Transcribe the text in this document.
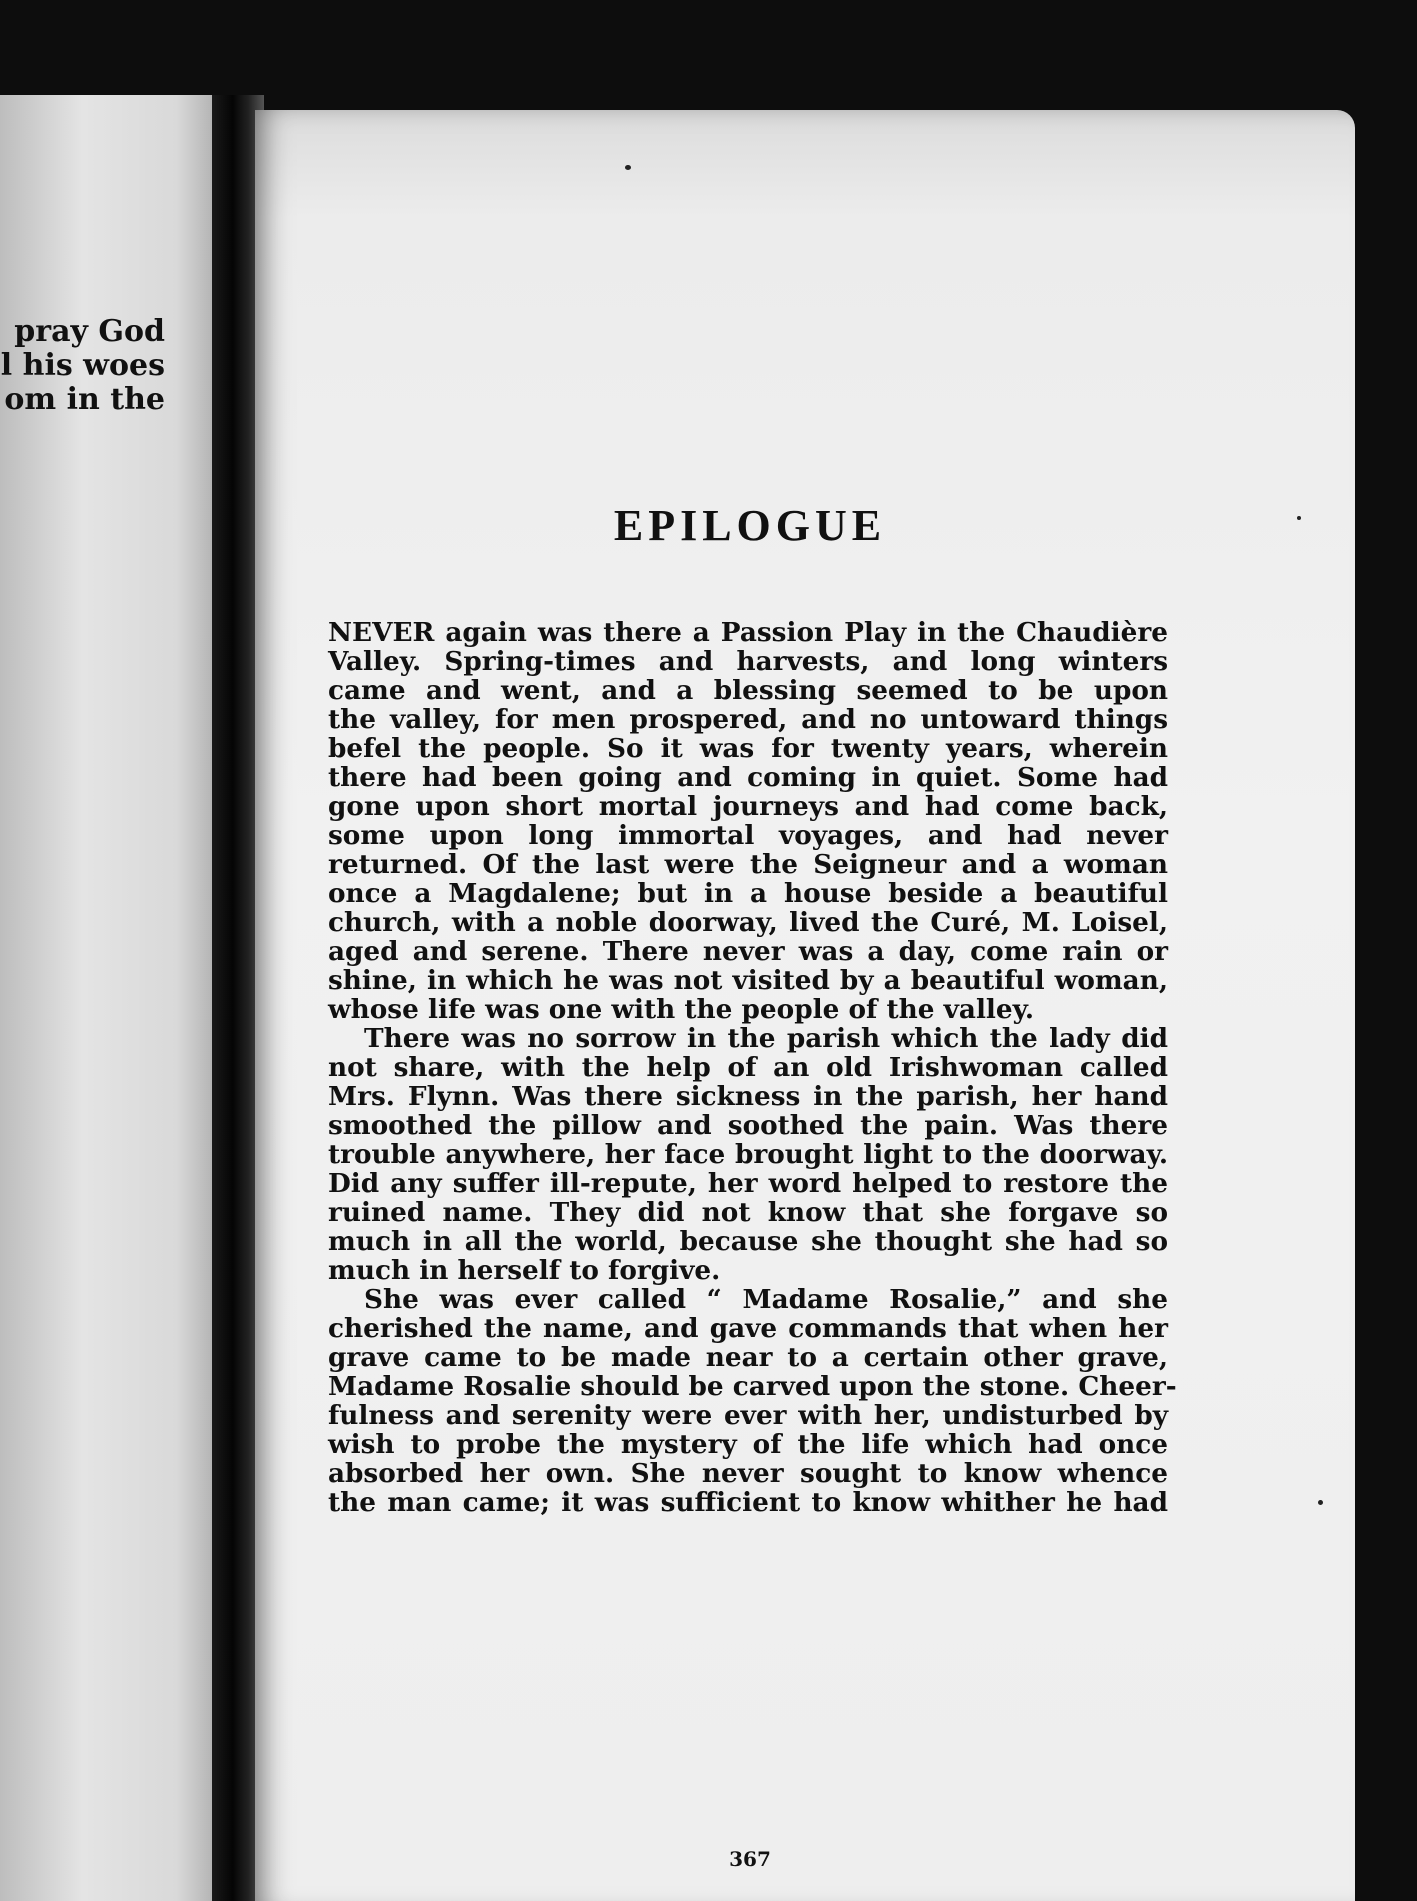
pray God
l his woes
om in the
EPILOGUE
NEVER again was there a Passion Play in the Chaudière
Valley. Spring-times and harvests, and long winters
came and went, and a blessing seemed to be upon
the valley, for men prospered, and no untoward things
befel the people. So it was for twenty years, wherein
there had been going and coming in quiet. Some had
gone upon short mortal journeys and had come back,
some upon long immortal voyages, and had never
returned. Of the last were the Seigneur and a woman
once a Magdalene; but in a house beside a beautiful
church, with a noble doorway, lived the Curé, M. Loisel,
aged and serene. There never was a day, come rain or
shine, in which he was not visited by a beautiful woman,
whose life was one with the people of the valley.
There was no sorrow in the parish which the lady did
not share, with the help of an old Irishwoman called
Mrs. Flynn. Was there sickness in the parish, her hand
smoothed the pillow and soothed the pain. Was there
trouble anywhere, her face brought light to the doorway.
Did any suffer ill-repute, her word helped to restore the
ruined name. They did not know that she forgave so
much in all the world, because she thought she had so
much in herself to forgive.
She was ever called “ Madame Rosalie,” and she
cherished the name, and gave commands that when her
grave came to be made near to a certain other grave,
Madame Rosalie should be carved upon the stone. Cheer-
fulness and serenity were ever with her, undisturbed by
wish to probe the mystery of the life which had once
absorbed her own. She never sought to know whence
the man came; it was sufficient to know whither he had
367
